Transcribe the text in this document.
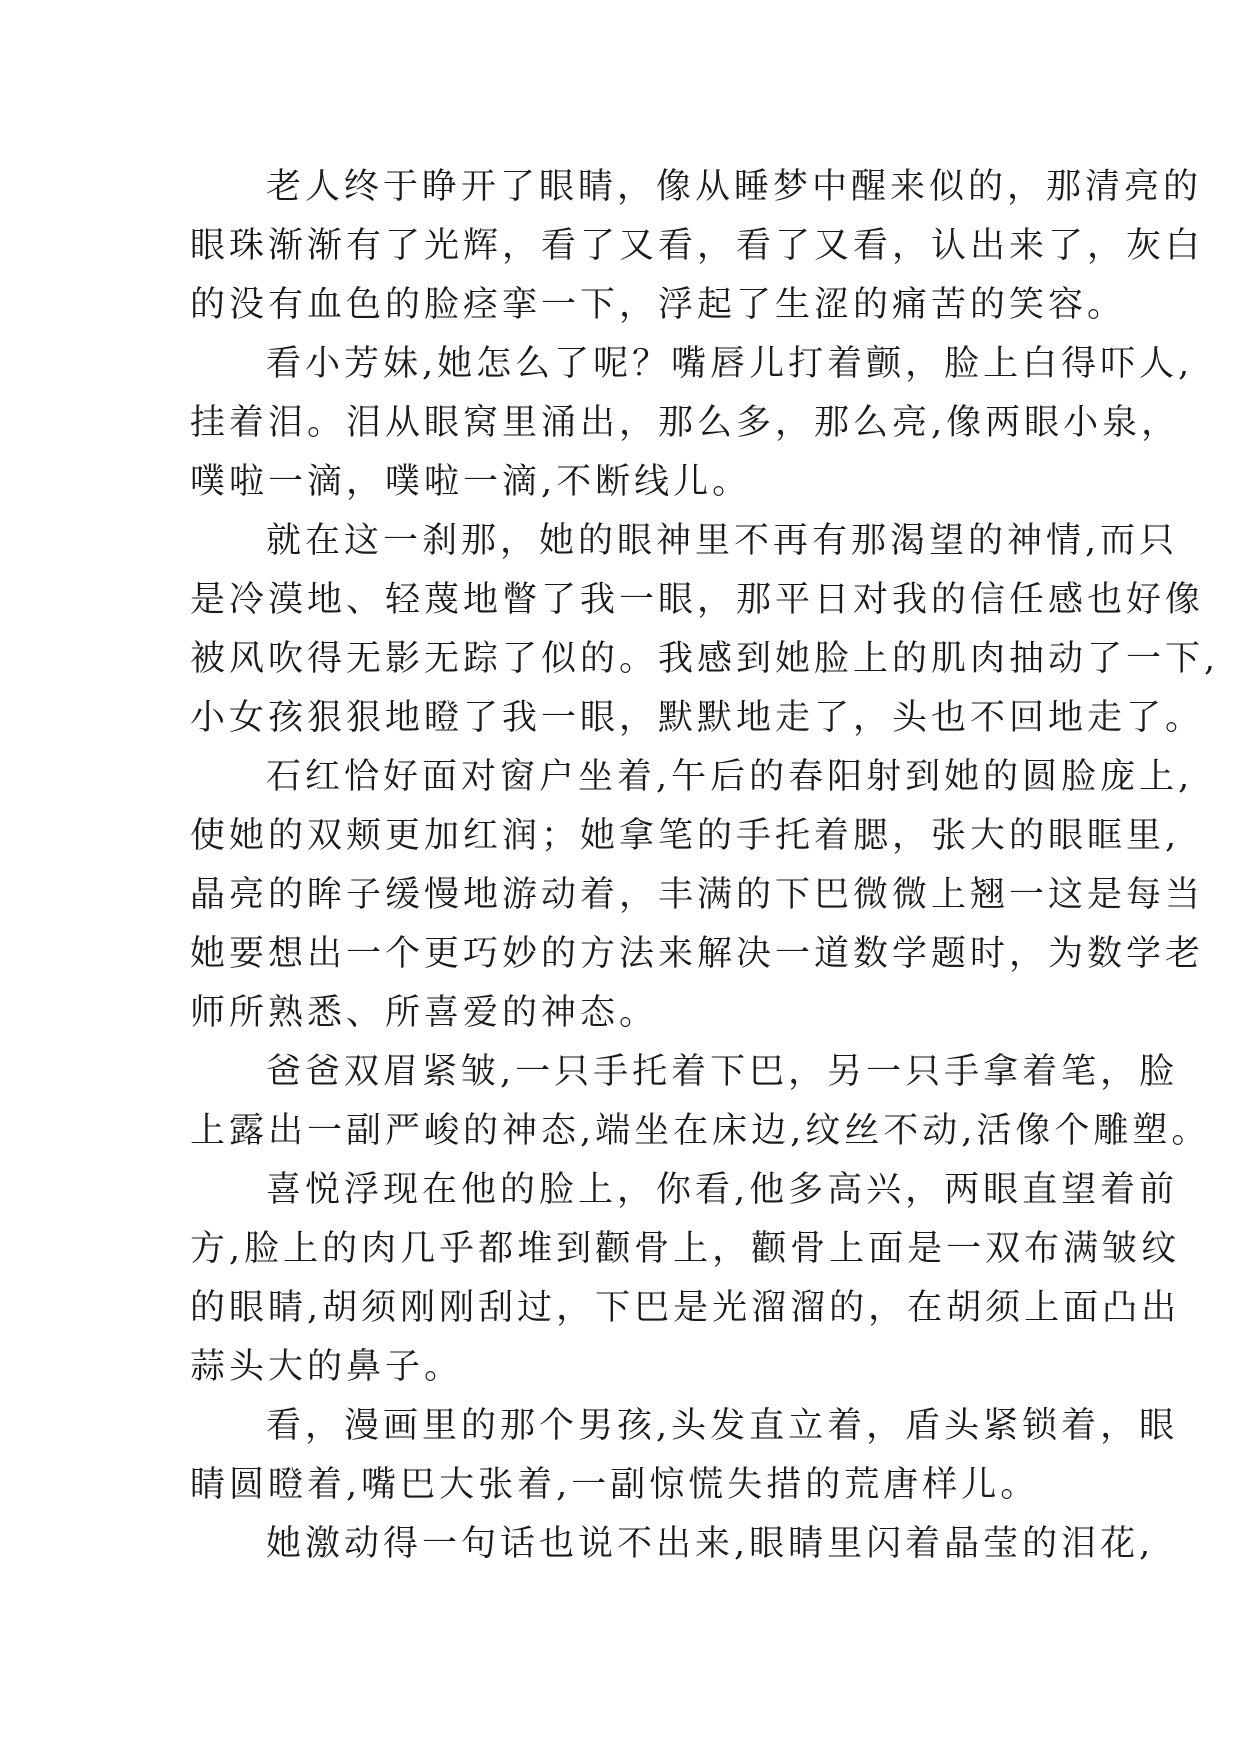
老人终于睁开了眼睛，像从睡梦中醒来似的，那清亮的
眼珠渐渐有了光辉，看了又看，看了又看，认出来了，灰白
的没有血色的脸痉挛一下，浮起了生涩的痛苦的笑容。
看小芳妹,她怎么了呢？嘴唇儿打着颤，脸上白得吓人,
挂着泪。泪从眼窝里涌出，那么多，那么亮,像两眼小泉，
噗啦一滴，噗啦一滴,不断线儿。
就在这一刹那，她的眼神里不再有那渴望的神情,而只
是冷漠地、轻蔑地瞥了我一眼，那平日对我的信任感也好像
被风吹得无影无踪了似的。我感到她脸上的肌肉抽动了一下,
小女孩狠狠地瞪了我一眼，默默地走了，头也不回地走了。
石红恰好面对窗户坐着,午后的春阳射到她的圆脸庞上,
使她的双颊更加红润；她拿笔的手托着腮，张大的眼眶里,
晶亮的眸子缓慢地游动着，丰满的下巴微微上翘一这是每当
她要想出一个更巧妙的方法来解决一道数学题时，为数学老
师所熟悉、所喜爱的神态。
爸爸双眉紧皱,一只手托着下巴，另一只手拿着笔，脸
上露出一副严峻的神态,端坐在床边,纹丝不动,活像个雕塑。
喜悦浮现在他的脸上，你看,他多高兴，两眼直望着前
方,脸上的肉几乎都堆到颧骨上，颧骨上面是一双布满皱纹
的眼睛,胡须刚刚刮过，下巴是光溜溜的，在胡须上面凸出
蒜头大的鼻子。
看，漫画里的那个男孩,头发直立着，盾头紧锁着，眼
睛圆瞪着,嘴巴大张着,一副惊慌失措的荒唐样儿。
她激动得一句话也说不出来,眼睛里闪着晶莹的泪花,
